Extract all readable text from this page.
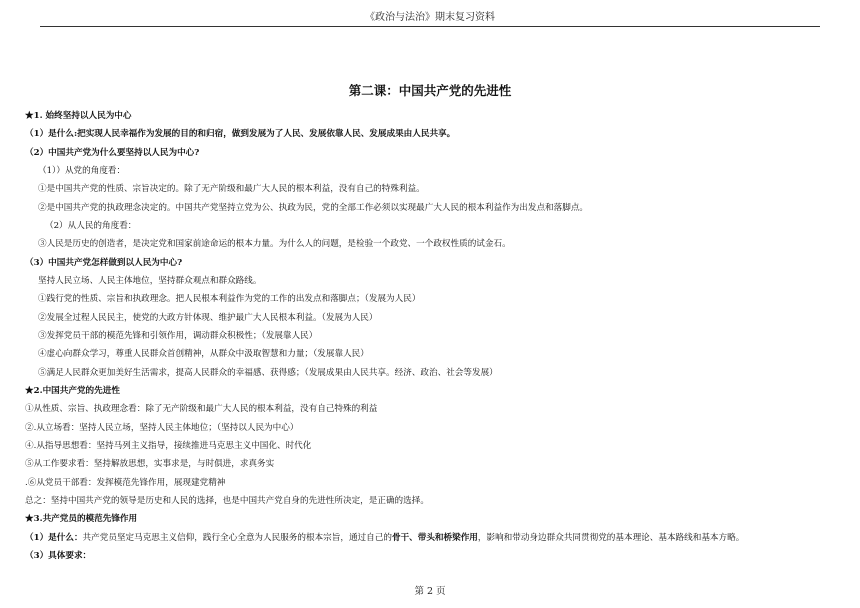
《政治与法治》期末复习资料
第二课：中国共产党的先进性
★1. 始终坚持以人民为中心
（1）是什么:把实现人民幸福作为发展的目的和归宿，做到发展为了人民、发展依靠人民、发展成果由人民共享。
（2）中国共产党为什么要坚持以人民为中心?
（1））从党的角度看：
①是中国共产党的性质、宗旨决定的。除了无产阶级和最广大人民的根本利益，没有自己的特殊利益。
②是中国共产党的执政理念决定的。中国共产党坚持立党为公、执政为民，党的全部工作必须以实现最广大人民的根本利益作为出发点和落脚点。
（2）从人民的角度看：
③人民是历史的创造者，是决定党和国家前途命运的根本力量。为什么人的问题，是检验一个政党、一个政权性质的试金石。
（3）中国共产党怎样做到以人民为中心?
坚持人民立场、人民主体地位，坚持群众观点和群众路线。
①践行党的性质、宗旨和执政理念。把人民根本利益作为党的工作的出发点和落脚点；（发展为人民）
②发展全过程人民民主，使党的大政方针体现、维护最广大人民根本利益。（发展为人民）
③发挥党员干部的模范先锋和引领作用，调动群众积极性；（发展靠人民）
④虚心向群众学习，尊重人民群众首创精神，从群众中汲取智慧和力量；（发展靠人民）
⑤满足人民群众更加美好生活需求，提高人民群众的幸福感、获得感；（发展成果由人民共享。经济、政治、社会等发展）
★2.中国共产党的先进性
①从性质、宗旨、执政理念看：除了无产阶级和最广大人民的根本利益，没有自己特殊的利益
②.从立场看：坚持人民立场，坚持人民主体地位；（坚持以人民为中心）
④.从指导思想看：坚持马列主义指导，接续推进马克思主义中国化、时代化
⑤从工作要求看：坚持解放思想，实事求是，与时俱进，求真务实
.⑥从党员干部看：发挥模范先锋作用，展现建党精神
总之：坚持中国共产党的领导是历史和人民的选择，也是中国共产党自身的先进性所决定，是正确的选择。
★3.共产党员的模范先锋作用
（1）是什么：共产党员坚定马克思主义信仰，践行全心全意为人民服务的根本宗旨，通过自己的骨干、带头和桥梁作用，影响和带动身边群众共同贯彻党的基本理论、基本路线和基本方略。
（3）具体要求：
第 2 页
